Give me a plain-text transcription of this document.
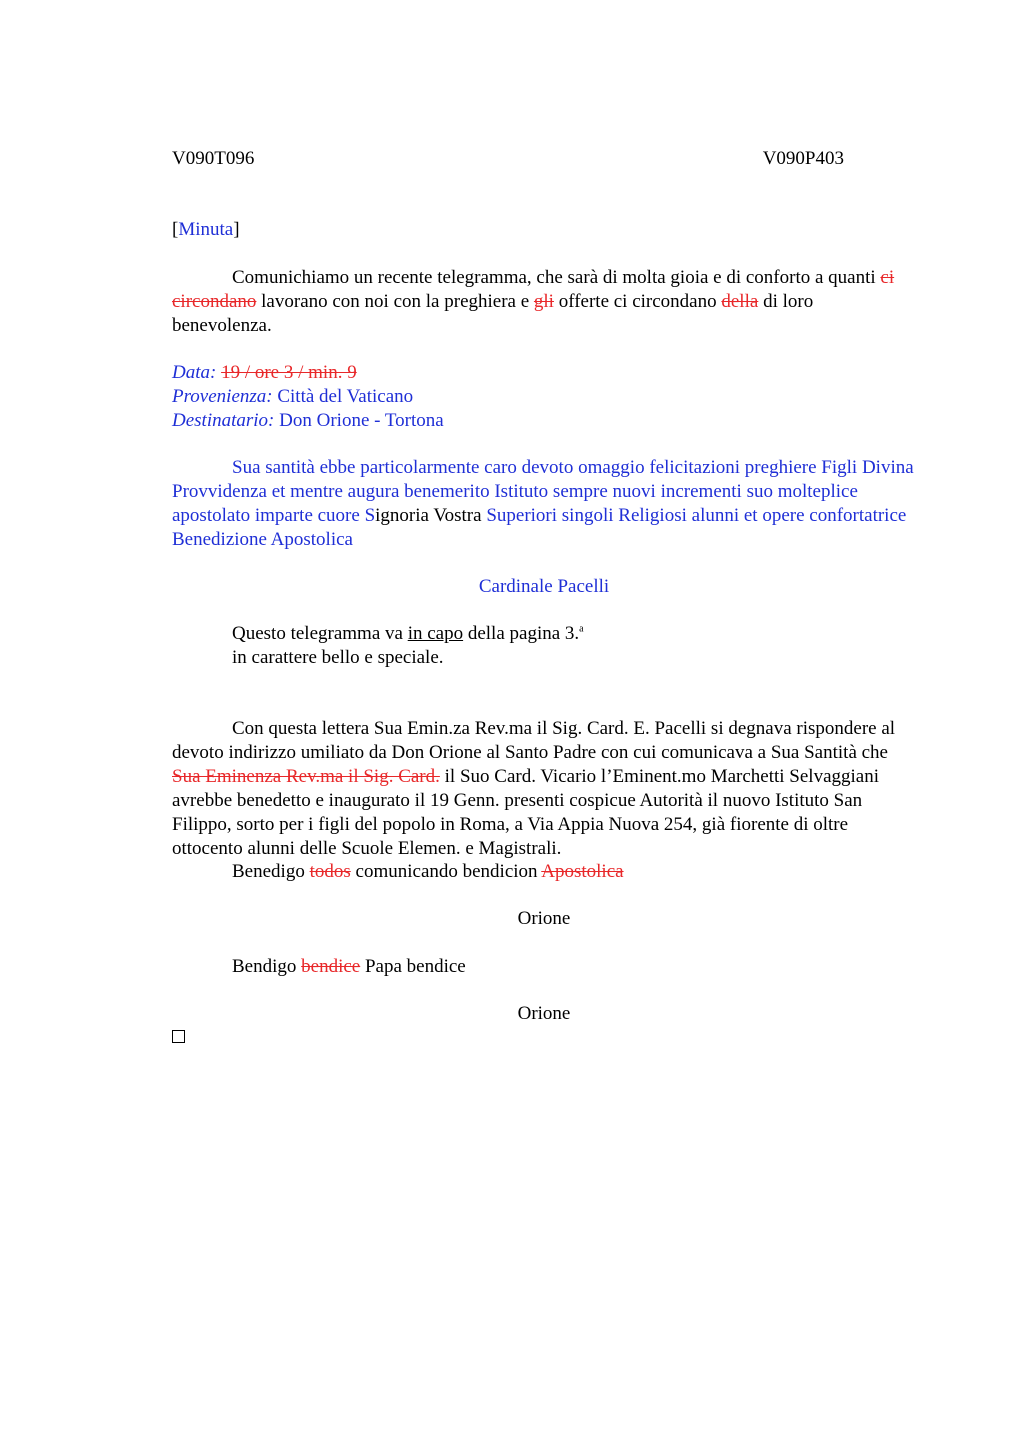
V090T096	V090P403
[Minuta]
Comunichiamo un recente telegramma, che sarà di molta gioia e di conforto a quanti ci circondano lavorano con noi con la preghiera e gli offerte ci circondano della di loro benevolenza.
Data: 19 / ore 3 / min. 9
Provenienza: Città del Vaticano
Destinatario: Don Orione - Tortona
Sua santità ebbe particolarmente caro devoto omaggio felicitazioni preghiere Figli Divina Provvidenza et mentre augura benemerito Istituto sempre nuovi incrementi suo molteplice apostolato imparte cuore Signoria Vostra Superiori singoli Religiosi alunni et opere confortatrice Benedizione Apostolica
Cardinale Pacelli
Questo telegramma va in capo della pagina 3.$^a$
in carattere bello e speciale.
Con questa lettera Sua Emin.za Rev.ma il Sig. Card. E. Pacelli si degnava rispondere al devoto indirizzo umiliato da Don Orione al Santo Padre con cui comunicava a Sua Santità che Sua Eminenza Rev.ma il Sig. Card. il Suo Card. Vicario l’Eminent.mo Marchetti Selvaggiani avrebbe benedetto e inaugurato il 19 Genn. presenti cospicue Autorità il nuovo Istituto San Filippo, sorto per i figli del popolo in Roma, a Via Appia Nuova 254, già fiorente di oltre ottocento alunni delle Scuole Elemen. e Magistrali.
Benedigo todos comunicando bendicion Apostolica
Orione
Bendigo bendice Papa bendice
Orione
